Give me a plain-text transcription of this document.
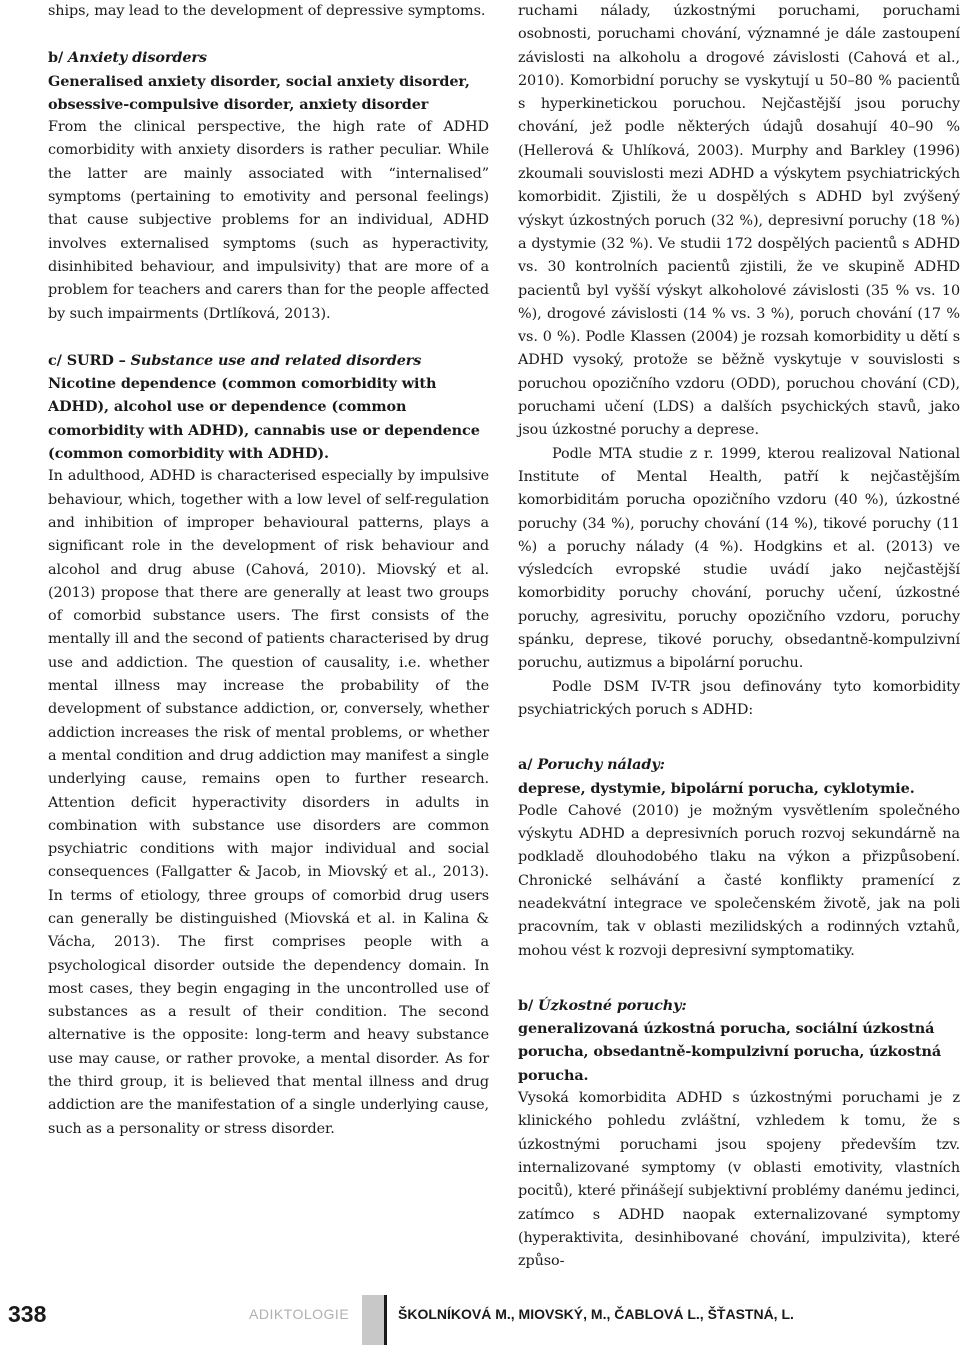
ships, may lead to the development of depressive symptoms.

b/ Anxiety disorders
Generalised anxiety disorder, social anxiety disorder, obsessive-compulsive disorder, anxiety disorder

From the clinical perspective, the high rate of ADHD comorbidity with anxiety disorders is rather peculiar. While the latter are mainly associated with “internalised” symptoms (pertaining to emotivity and personal feelings) that cause subjective problems for an individual, ADHD involves externalised symptoms (such as hyperactivity, disinhibited behaviour, and impulsivity) that are more of a problem for teachers and carers than for the people affected by such impairments (Drtlíková, 2013).

c/ SURD – Substance use and related disorders
Nicotine dependence (common comorbidity with ADHD), alcohol use or dependence (common comorbidity with ADHD), cannabis use or dependence (common comorbidity with ADHD).

In adulthood, ADHD is characterised especially by impulsive behaviour, which, together with a low level of self-regulation and inhibition of improper behavioural patterns, plays a significant role in the development of risk behaviour and alcohol and drug abuse (Cahová, 2010). Miovský et al. (2013) propose that there are generally at least two groups of comorbid substance users. The first consists of the mentally ill and the second of patients characterised by drug use and addiction. The question of causality, i.e. whether mental illness may increase the probability of the development of substance addiction, or, conversely, whether addiction increases the risk of mental problems, or whether a mental condition and drug addiction may manifest a single underlying cause, remains open to further research. Attention deficit hyperactivity disorders in adults in combination with substance use disorders are common psychiatric conditions with major individual and social consequences (Fallgatter & Jacob, in Miovský et al., 2013). In terms of etiology, three groups of comorbid drug users can generally be distinguished (Miovská et al. in Kalina & Vácha, 2013). The first comprises people with a psychological disorder outside the dependency domain. In most cases, they begin engaging in the uncontrolled use of substances as a result of their condition. The second alternative is the opposite: long-term and heavy substance use may cause, or rather provoke, a mental disorder. As for the third group, it is believed that mental illness and drug addiction are the manifestation of a single underlying cause, such as a personality or stress disorder.

ruchami nálady, úzkostnými poruchami, poruchami osobnosti, poruchami chování, významné je dále zastoupení závislosti na alkoholu a drogové závislosti (Cahová et al., 2010). Komorbidní poruchy se vyskytují u 50–80 % pacientů s hyperkinetickou poruchou. Nejčastější jsou poruchy chování, jež podle některých údajů dosahují 40–90 % (Hellerová & Uhlíková, 2003). Murphy and Barkley (1996) zkoumali souvislosti mezi ADHD a výskytem psychiatrických komorbidit. Zjistili, že u dospělých s ADHD byl zvýšený výskyt úzkostných poruch (32 %), depresivní poruchy (18 %) a dystymie (32 %). Ve studii 172 dospělých pacientů s ADHD vs. 30 kontrolních pacientů zjistili, že ve skupině ADHD pacientů byl vyšší výskyt alkoholové závislosti (35 % vs. 10 %), drogové závislosti (14 % vs. 3 %), poruch chování (17 % vs. 0 %). Podle Klassen (2004) je rozsah komorbidity u dětí s ADHD vysoký, protože se běžně vyskytuje v souvislosti s poruchou opozičního vzdoru (ODD), poruchou chování (CD), poruchami učení (LDS) a dalších psychických stavů, jako jsou úzkostné poruchy a deprese.

Podle MTA studie z r. 1999, kterou realizoval National Institute of Mental Health, patří k nejčastějším komorbiditám porucha opozičního vzdoru (40 %), úzkostné poruchy (34 %), poruchy chování (14 %), tikové poruchy (11 %) a poruchy nálady (4 %). Hodgkins et al. (2013) ve výsledcích evropské studie uvádí jako nejčastější komorbidity poruchy chování, poruchy učení, úzkostné poruchy, agresivitu, poruchy opozičního vzdoru, poruchy spánku, deprese, tikové poruchy, obsedantně-kompulzivní poruchu, autizmus a bipolární poruchu.

Podle DSM IV-TR jsou definovány tyto komorbidity psychiatrických poruch s ADHD:

a/ Poruchy nálady:
deprese, dystymie, bipolární porucha, cyklotymie.

Podle Cahové (2010) je možným vysvětlením společného výskytu ADHD a depresivních poruch rozvoj sekundárně na podkladě dlouhodobého tlaku na výkon a přizpůsobení. Chronické selhávání a časté konflikty pramenící z neadekvátní integrace ve společenském životě, jak na poli pracovním, tak v oblasti mezilidských a rodinných vztahů, mohou vést k rozvoji depresivní symptomatiky.

b/ Úzkostné poruchy:
generalizovaná úzkostná porucha, sociální úzkostná porucha, obsedantně-kompulzivní porucha, úzkostná porucha.

Vysoká komorbidita ADHD s úzkostnými poruchami je z klinického pohledu zvláštní, vzhledem k tomu, že s úzkostnými poruchami jsou spojeny především tzv. internalizované symptomy (v oblasti emotivity, vlastních pocitů), které přinášejí subjektivní problémy danému jedinci, zatímco s ADHD naopak externalizované symptomy (hyperaktivita, desinhibované chování, impulzivita), které způso-

338	ADIKTOLOGIE	ŠKOLNÍKOVÁ M., MIOVSKÝ, M., ČABLOVÁ L., ŠŤASTNÁ, L.
